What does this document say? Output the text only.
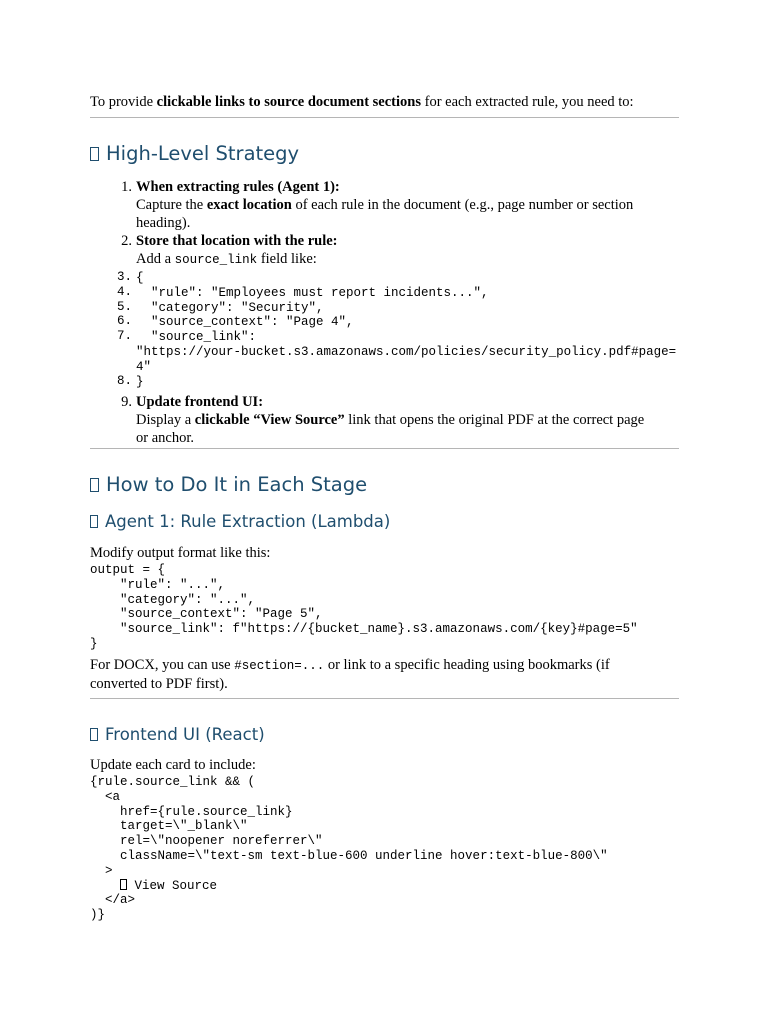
To provide clickable links to source document sections for each extracted rule, you need to:
High-Level Strategy
1. When extracting rules (Agent 1):
Capture the exact location of each rule in the document (e.g., page number or section
heading).
2. Store that location with the rule:
Add a source_link field like:
3. {
4. "rule": "Employees must report incidents...",
5. "category": "Security",
6. "source_context": "Page 4",
7. "source_link":
"https://your-bucket.s3.amazonaws.com/policies/security_policy.pdf#page=
4"
8. }
9. Update frontend UI:
Display a clickable “View Source” link that opens the original PDF at the correct page
or anchor.
How to Do It in Each Stage
Agent 1: Rule Extraction (Lambda)
Modify output format like this:
output = {
"rule": "...",
"category": "...",
"source_context": "Page 5",
"source_link": f"https://{bucket_name}.s3.amazonaws.com/{key}#page=5"
}
For DOCX, you can use #section=... or link to a specific heading using bookmarks (if
converted to PDF first).
Frontend UI (React)
Update each card to include:
{rule.source_link && (
<a
href={rule.source_link}
target=\"_blank\"
rel=\"noopener noreferrer\"
className=\"text-sm text-blue-600 underline hover:text-blue-800\"
>
View Source
</a>
)}
